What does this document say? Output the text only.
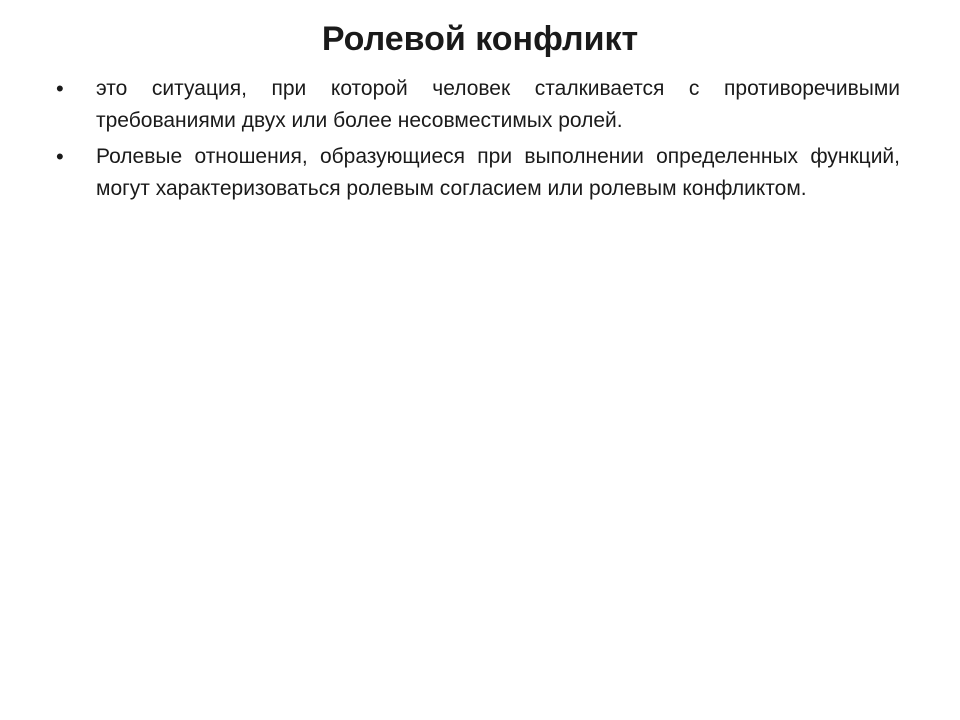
Ролевой конфликт
•	это ситуация, при которой человек сталкивается с противоречивыми требованиями двух или более несовместимых ролей.
•	Ролевые отношения, образующиеся при выполнении определенных функций, могут характеризоваться ролевым согласием или ролевым конфликтом.
